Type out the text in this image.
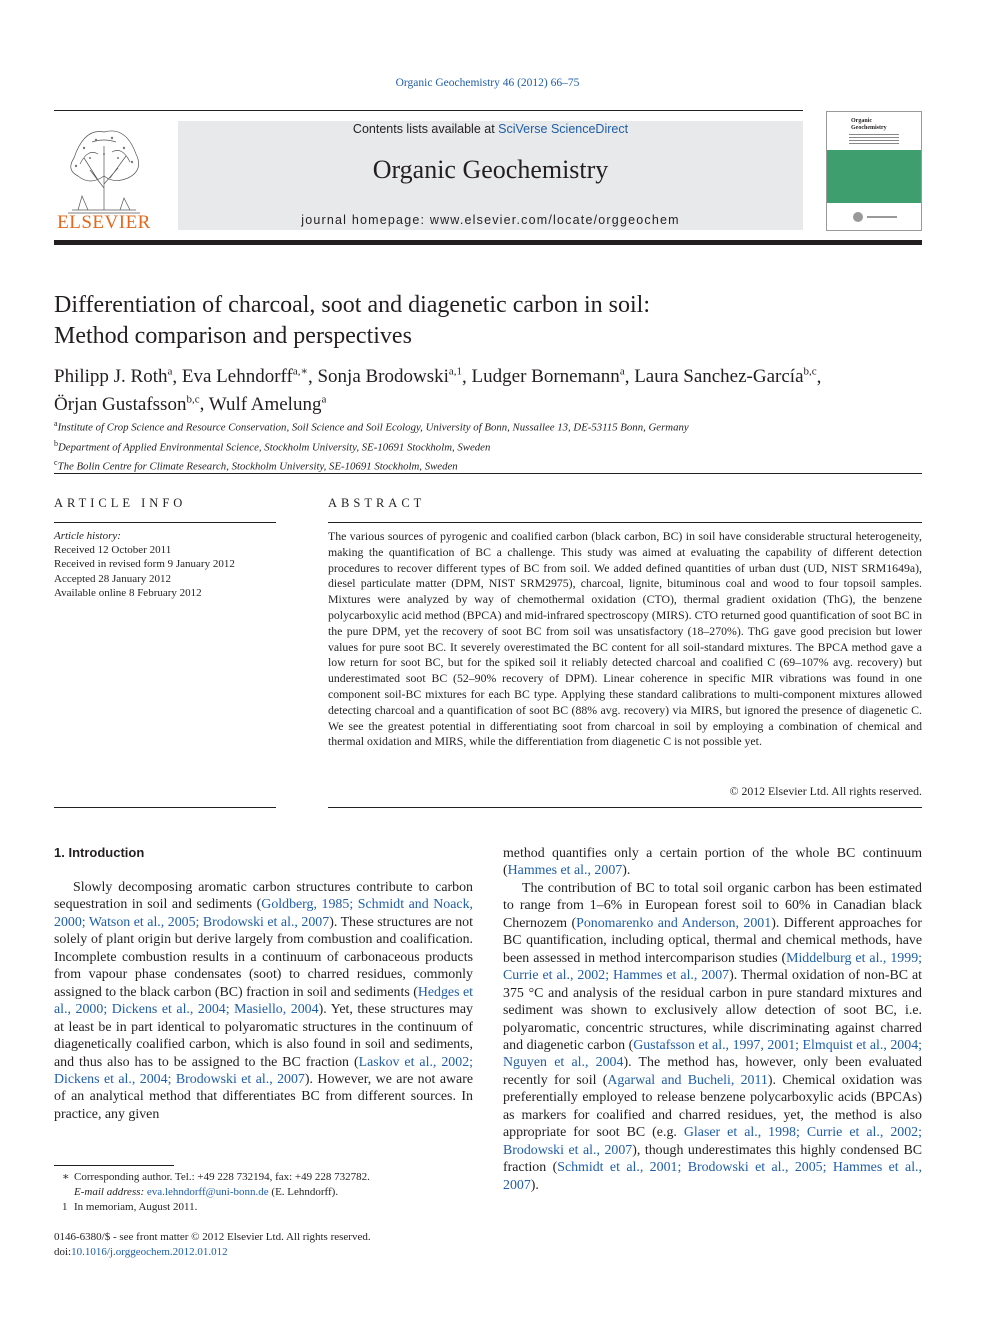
Organic Geochemistry 46 (2012) 66–75
ELSEVIER
Contents lists available at SciVerse ScienceDirect
Organic Geochemistry
journal homepage: www.elsevier.com/locate/orggeochem
Organic
Geochemistry
Differentiation of charcoal, soot and diagenetic carbon in soil:
Method comparison and perspectives
Philipp J. Roth$^a$, Eva Lehndorff$^{a,∗}$, Sonja Brodowski$^{a,1}$, Ludger Bornemann$^a$, Laura Sanchez-García$^{b,c}$,
Örjan Gustafsson$^{b,c}$, Wulf Amelung$^a$
$^a$Institute of Crop Science and Resource Conservation, Soil Science and Soil Ecology, University of Bonn, Nussallee 13, DE-53115 Bonn, Germany
$^b$Department of Applied Environmental Science, Stockholm University, SE-10691 Stockholm, Sweden
$^c$The Bolin Centre for Climate Research, Stockholm University, SE-10691 Stockholm, Sweden
ARTICLE INFO	ABSTRACT
Article history:
Received 12 October 2011
Received in revised form 9 January 2012
Accepted 28 January 2012
Available online 8 February 2012
The various sources of pyrogenic and coalified carbon (black carbon, BC) in soil have considerable structural heterogeneity, making the quantification of BC a challenge. This study was aimed at evaluating the capability of different detection procedures to recover different types of BC from soil. We added defined quantities of urban dust (UD, NIST SRM1649a), diesel particulate matter (DPM, NIST SRM2975), charcoal, lignite, bituminous coal and wood to four topsoil samples. Mixtures were analyzed by way of chemothermal oxidation (CTO), thermal gradient oxidation (ThG), the benzene polycarboxylic acid method (BPCA) and mid-infrared spectroscopy (MIRS). CTO returned good quantification of soot BC in the pure DPM, yet the recovery of soot BC from soil was unsatisfactory (18–270%). ThG gave good precision but lower values for pure soot BC. It severely overestimated the BC content for all soil-standard mixtures. The BPCA method gave a low return for soot BC, but for the spiked soil it reliably detected charcoal and coalified C (69–107% avg. recovery) but underestimated soot BC (52–90% recovery of DPM). Linear coherence in specific MIR vibrations was found in one component soil-BC mixtures for each BC type. Applying these standard calibrations to multi-component mixtures allowed detecting charcoal and a quantification of soot BC (88% avg. recovery) via MIRS, but ignored the presence of diagenetic C. We see the greatest potential in differentiating soot from charcoal in soil by employing a combination of chemical and thermal oxidation and MIRS, while the differentiation from diagenetic C is not possible yet.
© 2012 Elsevier Ltd. All rights reserved.
1. Introduction

Slowly decomposing aromatic carbon structures contribute to carbon sequestration in soil and sediments (Goldberg, 1985; Schmidt and Noack, 2000; Watson et al., 2005; Brodowski et al., 2007). These structures are not solely of plant origin but derive largely from combustion and coalification. Incomplete combustion results in a continuum of carbonaceous products from vapour phase condensates (soot) to charred residues, commonly assigned to the black carbon (BC) fraction in soil and sediments (Hedges et al., 2000; Dickens et al., 2004; Masiello, 2004). Yet, these structures may at least be in part identical to polyaromatic structures in the continuum of diagenetically coalified carbon, which is also found in soil and sediments, and thus also has to be assigned to the BC fraction (Laskov et al., 2002; Dickens et al., 2004; Brodowski et al., 2007). However, we are not aware of an analytical method that differentiates BC from different sources. In practice, any given

method quantifies only a certain portion of the whole BC continuum (Hammes et al., 2007).

The contribution of BC to total soil organic carbon has been estimated to range from 1–6% in European forest soil to 60% in Canadian black Chernozem (Ponomarenko and Anderson, 2001). Different approaches for BC quantification, including optical, thermal and chemical methods, have been assessed in method intercomparison studies (Middelburg et al., 1999; Currie et al., 2002; Hammes et al., 2007). Thermal oxidation of non-BC at 375 °C and analysis of the residual carbon in pure standard mixtures and sediment was shown to exclusively allow detection of soot BC, i.e. polyaromatic, concentric structures, while discriminating against charred and diagenetic carbon (Gustafsson et al., 1997, 2001; Elmquist et al., 2004; Nguyen et al., 2004). The method has, however, only been evaluated recently for soil (Agarwal and Bucheli, 2011). Chemical oxidation was preferentially employed to release benzene polycarboxylic acids (BPCAs) as markers for coalified and charred residues, yet, the method is also appropriate for soot BC (e.g. Glaser et al., 1998; Currie et al., 2002; Brodowski et al., 2007), though underestimates this highly condensed BC fraction (Schmidt et al., 2001; Brodowski et al., 2005; Hammes et al., 2007).

∗ Corresponding author. Tel.: +49 228 732194, fax: +49 228 732782.
E-mail address: eva.lehndorff@uni-bonn.de (E. Lehndorff).
1 In memoriam, August 2011.
0146-6380/$ - see front matter © 2012 Elsevier Ltd. All rights reserved.
doi:10.1016/j.orggeochem.2012.01.012
